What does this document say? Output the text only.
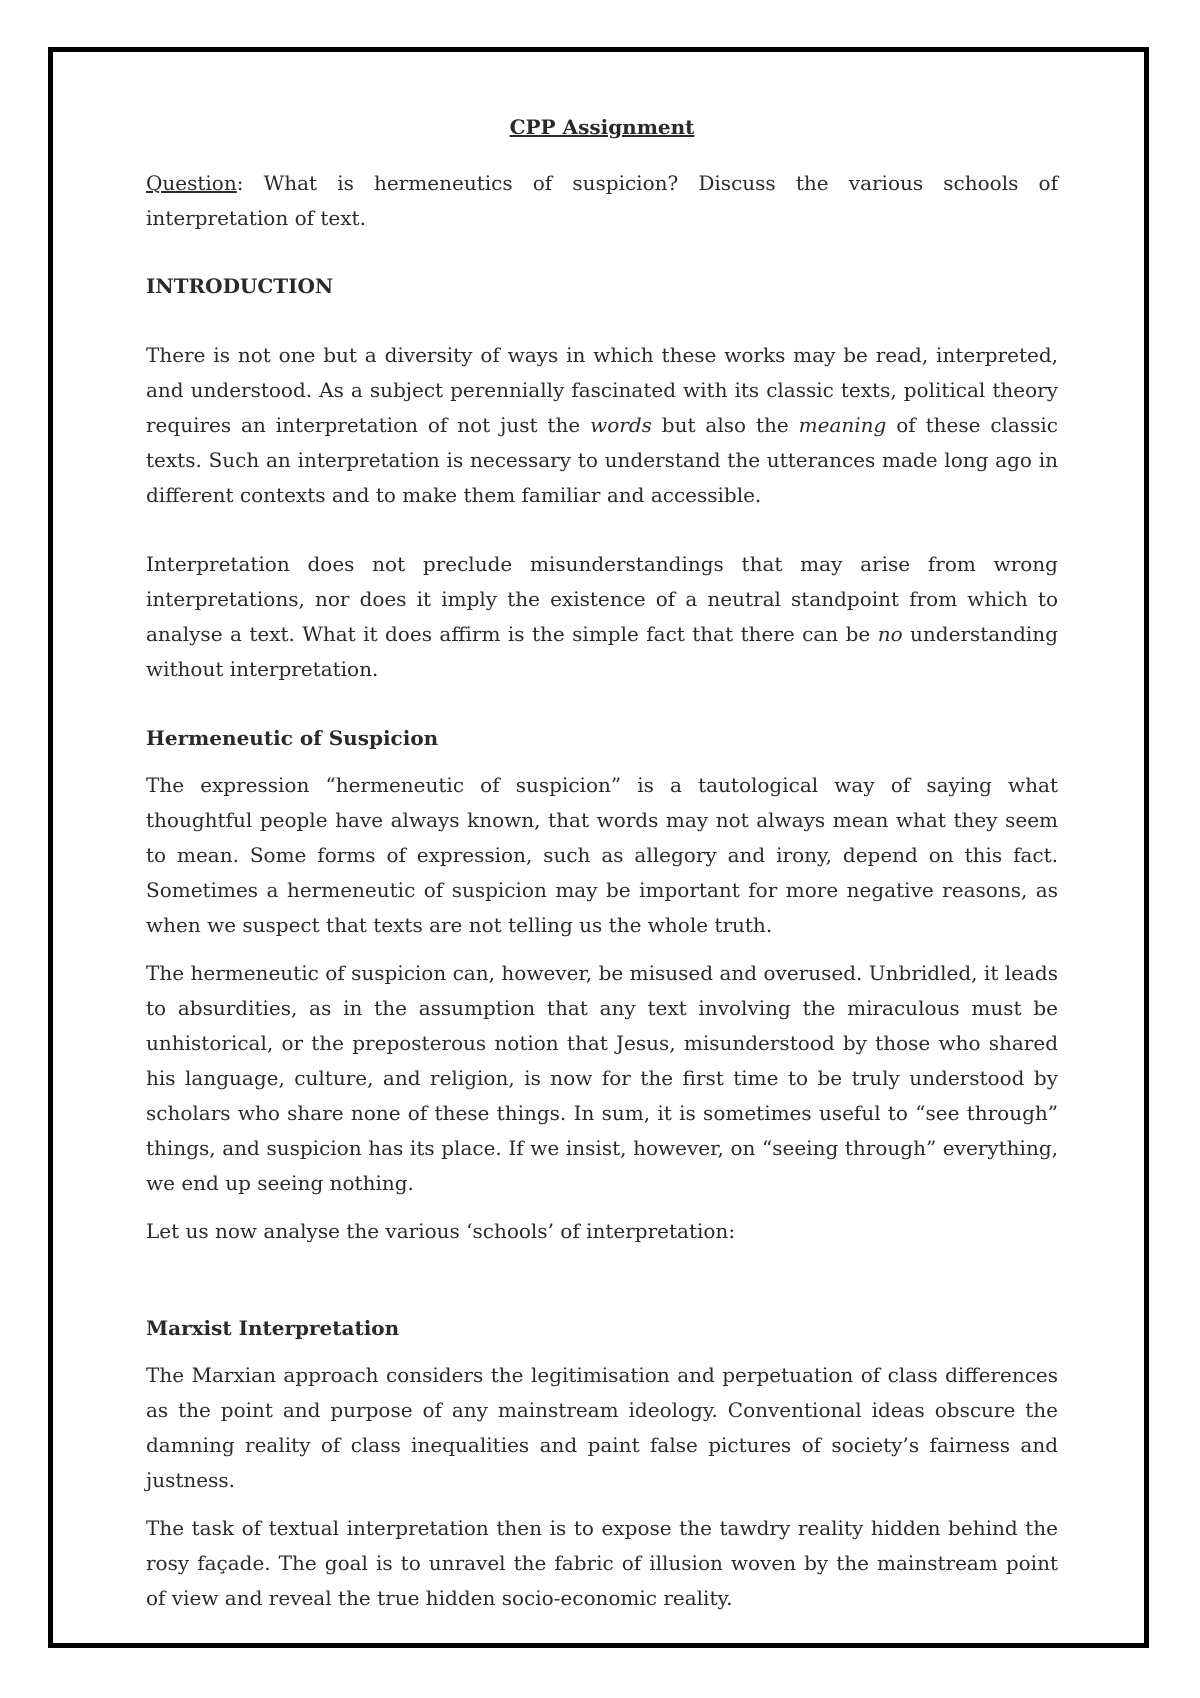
CPP Assignment

Question: What is hermeneutics of suspicion? Discuss the various schools of interpretation of text.

INTRODUCTION

There is not one but a diversity of ways in which these works may be read, interpreted, and understood. As a subject perennially fascinated with its classic texts, political theory requires an interpretation of not just the words but also the meaning of these classic texts. Such an interpretation is necessary to understand the utterances made long ago in different contexts and to make them familiar and accessible.

Interpretation does not preclude misunderstandings that may arise from wrong interpretations, nor does it imply the existence of a neutral standpoint from which to analyse a text. What it does affirm is the simple fact that there can be no understanding without interpretation.

Hermeneutic of Suspicion

The expression “hermeneutic of suspicion” is a tautological way of saying what thoughtful people have always known, that words may not always mean what they seem to mean. Some forms of expression, such as allegory and irony, depend on this fact. Sometimes a hermeneutic of suspicion may be important for more negative reasons, as when we suspect that texts are not telling us the whole truth.

The hermeneutic of suspicion can, however, be misused and overused. Unbridled, it leads to absurdities, as in the assumption that any text involving the miraculous must be unhistorical, or the preposterous notion that Jesus, misunderstood by those who shared his language, culture, and religion, is now for the first time to be truly understood by scholars who share none of these things. In sum, it is sometimes useful to “see through” things, and suspicion has its place. If we insist, however, on “seeing through” everything, we end up seeing nothing.

Let us now analyse the various ‘schools’ of interpretation:

Marxist Interpretation

The Marxian approach considers the legitimisation and perpetuation of class differences as the point and purpose of any mainstream ideology. Conventional ideas obscure the damning reality of class inequalities and paint false pictures of society’s fairness and justness.

The task of textual interpretation then is to expose the tawdry reality hidden behind the rosy façade. The goal is to unravel the fabric of illusion woven by the mainstream point of view and reveal the true hidden socio-economic reality.
